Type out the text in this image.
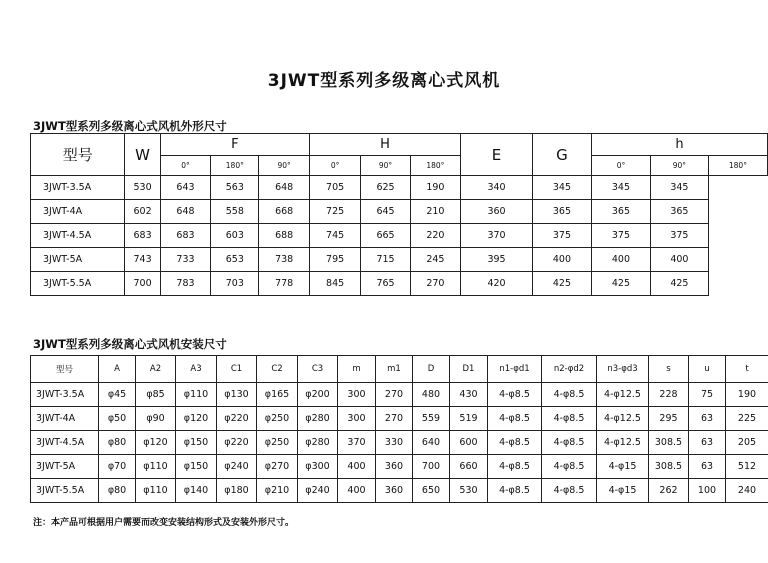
3JWT型系列多级离心式风机
3JWT型系列多级离心式风机外形尺寸
型号	W	F			H			E	G	h		
		0°	180°	90°	0°	90°	180°			0°	90°	180°
3JWT-3.5A	530	643	563	648	705	625	190	340	345	345	345	
3JWT-4A	602	648	558	668	725	645	210	360	365	365	365	
3JWT-4.5A	683	683	603	688	745	665	220	370	375	375	375	
3JWT-5A	743	733	653	738	795	715	245	395	400	400	400	
3JWT-5.5A	700	783	703	778	845	765	270	420	425	425	425	
3JWT型系列多级离心式风机安装尺寸
型号	A	A2	A3	C1	C2	C3	m	m1	D	D1	n1-φd1	n2-φd2	n3-φd3	s	u	t
3JWT-3.5A	φ45	φ85	φ110	φ130	φ165	φ200	300	270	480	430	4-φ8.5	4-φ8.5	4-φ12.5	228	75	190
3JWT-4A	φ50	φ90	φ120	φ220	φ250	φ280	300	270	559	519	4-φ8.5	4-φ8.5	4-φ12.5	295	63	225
3JWT-4.5A	φ80	φ120	φ150	φ220	φ250	φ280	370	330	640	600	4-φ8.5	4-φ8.5	4-φ12.5	308.5	63	205
3JWT-5A	φ70	φ110	φ150	φ240	φ270	φ300	400	360	700	660	4-φ8.5	4-φ8.5	4-φ15	308.5	63	512
3JWT-5.5A	φ80	φ110	φ140	φ180	φ210	φ240	400	360	650	530	4-φ8.5	4-φ8.5	4-φ15	262	100	240
注：本产品可根据用户需要而改变安装结构形式及安装外形尺寸。
